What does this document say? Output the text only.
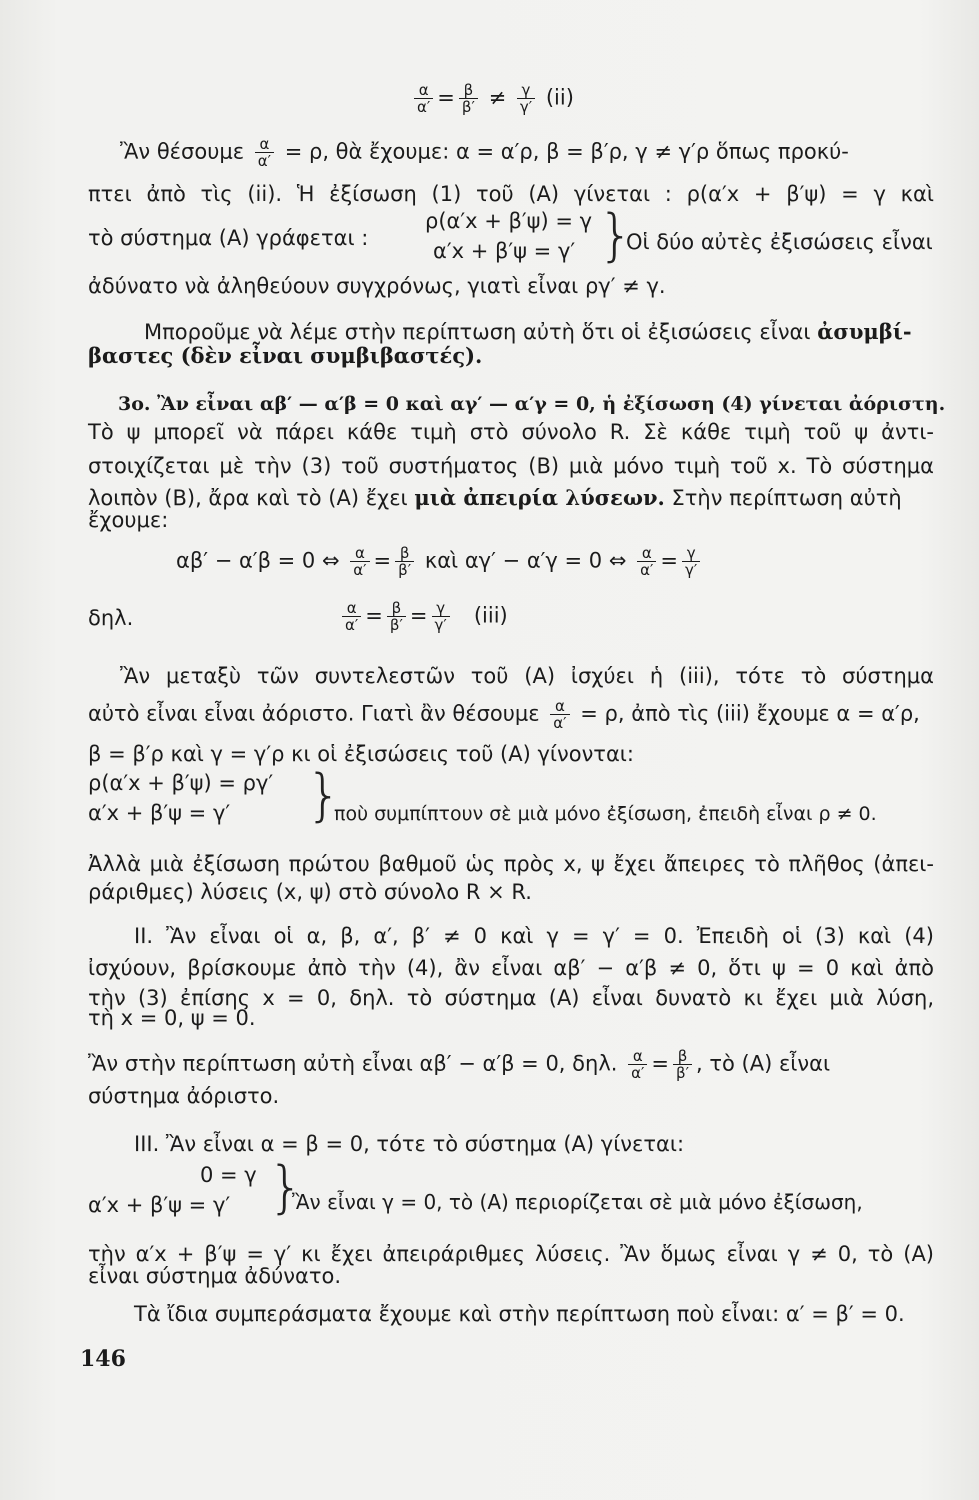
$\frac{\alpha}{\alpha'} = \frac{\beta}{\beta'} \ne \frac{\gamma}{\gamma'} (ii)$
Ἂν θέσουμε $\frac{\alpha}{\alpha'} = \rho$, θὰ ἔχουμε: α = α′ρ, β = β′ρ, γ ≠ γ′ρ ὅπως προκύ-
πτει ἀπὸ τὶς (ii). Ἡ ἐξίσωση (1) τοῦ (Α) γίνεται : ρ(α′x + β′ψ) = γ καὶ
τὸ σύστημα (Α) γράφεται :
ρ(α′x + β′ψ) = γ
α′x + β′ψ = γ′ }
Οἱ δύο αὐτὲς ἐξισώσεις εἶναι
ἀδύνατο νὰ ἀληθεύουν συγχρόνως, γιατὶ εἶναι ργ′ ≠ γ.
Μποροῦμε νὰ λέμε στὴν περίπτωση αὐτὴ ὅτι οἱ ἐξισώσεις εἶναι ἀσυμβί-
βαστες (δὲν εἶναι συμβιβαστές).
3ο. Ἂν εἶναι αβ′ — α′β = 0 καὶ αγ′ — α′γ = 0, ἡ ἐξίσωση (4) γίνεται ἀόριστη.
Τὸ ψ μπορεῖ νὰ πάρει κάθε τιμὴ στὸ σύνολο R. Σὲ κάθε τιμὴ τοῦ ψ ἀντι-
στοιχίζεται μὲ τὴν (3) τοῦ συστήματος (Β) μιὰ μόνο τιμὴ τοῦ x. Τὸ σύστημα
λοιπὸν (Β), ἄρα καὶ τὸ (Α) ἔχει μιὰ ἀπειρία λύσεων. Στὴν περίπτωση αὐτὴ
ἔχουμε:
αβ′ − α′β = 0 ⇔ $\frac{\alpha}{\alpha'} = \frac{\beta}{\beta'}$ καὶ αγ′ − α′γ = 0 ⇔ $\frac{\alpha}{\alpha'} = \frac{\gamma}{\gamma'}$
δηλ.	$\frac{\alpha}{\alpha'} = \frac{\beta}{\beta'} = \frac{\gamma}{\gamma'} (iii)$
Ἂν μεταξὺ τῶν συντελεστῶν τοῦ (Α) ἰσχύει ἡ (iii), τότε τὸ σύστημα
αὐτὸ εἶναι εἶναι ἀόριστο. Γιατὶ ἂν θέσουμε $\frac{\alpha}{\alpha'} = \rho$, ἀπὸ τὶς (iii) ἔχουμε α = α′ρ,
β = β′ρ καὶ γ = γ′ρ κι οἱ ἐξισώσεις τοῦ (Α) γίνονται:
ρ(α′x + β′ψ) = ργ′
α′x + β′ψ = γ′	}
ποὺ συμπίπτουν σὲ μιὰ μόνο ἐξίσωση, ἐπειδὴ εἶναι ρ ≠ 0.
Ἀλλὰ μιὰ ἐξίσωση πρώτου βαθμοῦ ὡς πρὸς x, ψ ἔχει ἄπειρες τὸ πλῆθος (ἀπει-
ράριθμες) λύσεις (x, ψ) στὸ σύνολο R × R.
ΙΙ. Ἂν εἶναι οἱ α, β, α′, β′ ≠ 0 καὶ γ = γ′ = 0. Ἐπειδὴ οἱ (3) καὶ (4)
ἰσχύουν, βρίσκουμε ἀπὸ τὴν (4), ἂν εἶναι αβ′ − α′β ≠ 0, ὅτι ψ = 0 καὶ ἀπὸ
τὴν (3) ἐπίσης x = 0, δηλ. τὸ σύστημα (Α) εἶναι δυνατὸ κι ἔχει μιὰ λύση,
τὴ x = 0, ψ = 0.
Ἂν στὴν περίπτωση αὐτὴ εἶναι αβ′ − α′β = 0, δηλ. $\frac{\alpha}{\alpha'} = \frac{\beta}{\beta'}$ , τὸ (Α) εἶναι
σύστημα ἀόριστο.
ΙΙΙ. Ἂν εἶναι α = β = 0, τότε τὸ σύστημα (Α) γίνεται:
0 = γ
α′x + β′ψ = γ′ }
Ἂν εἶναι γ = 0, τὸ (Α) περιορίζεται σὲ μιὰ μόνο ἐξίσωση,
τὴν α′x + β′ψ = γ′ κι ἔχει ἀπειράριθμες λύσεις. Ἂν ὅμως εἶναι γ ≠ 0, τὸ (Α)
εἶναι σύστημα ἀδύνατο.
Τὰ ἴδια συμπεράσματα ἔχουμε καὶ στὴν περίπτωση ποὺ εἶναι: α′ = β′ = 0.
146
